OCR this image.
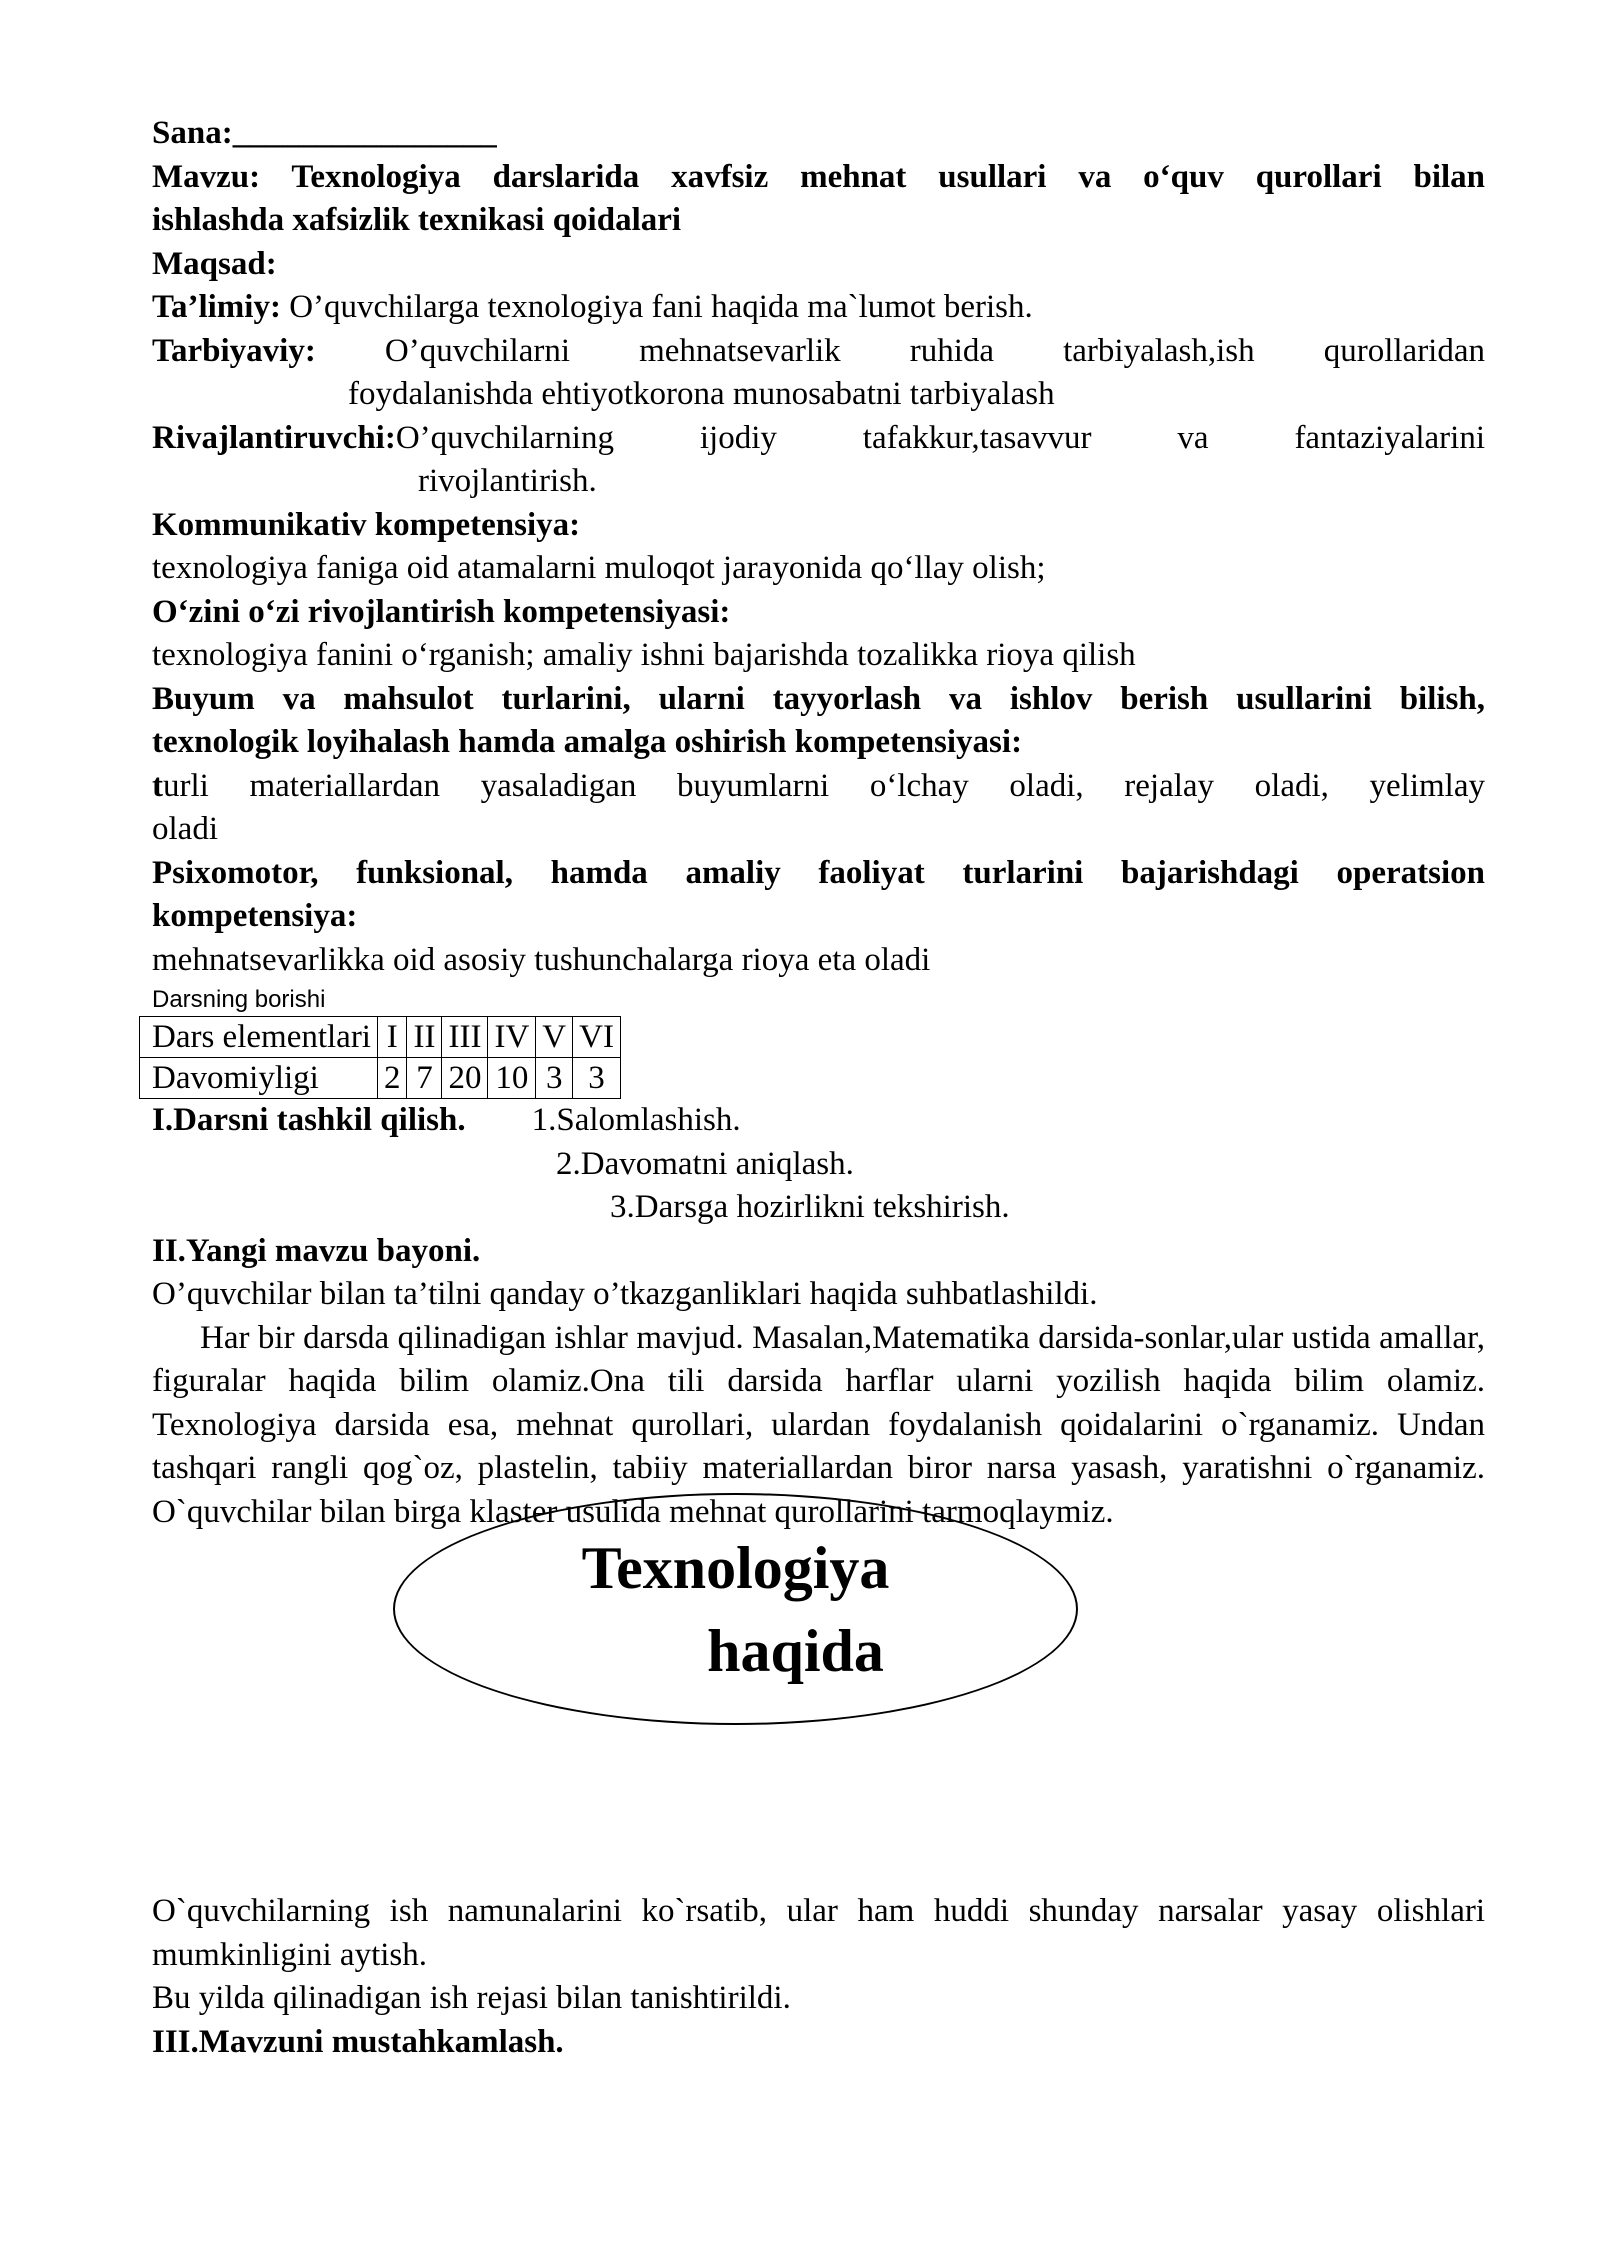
Sana:________________
Mavzu: Texnologiya darslarida xavfsiz mehnat usullari va o‘quv qurollari bilan
ishlashda xafsizlik texnikasi qoidalari
Maqsad:
Ta’limiy: O’quvchilarga texnologiya fani haqida ma`lumot berish.
Tarbiyaviy: O’quvchilarni mehnatsevarlik ruhida tarbiyalash,ish qurollaridan
foydalanishda ehtiyotkorona munosabatni tarbiyalash
Rivajlantiruvchi:O’quvchilarning ijodiy tafakkur,tasavvur va fantaziyalarini
rivojlantirish.
Kommunikativ kompetensiya:
texnologiya faniga oid atamalarni muloqot jarayonida qo‘llay olish;
O‘zini o‘zi rivojlantirish kompetensiyasi:
texnologiya fanini o‘rganish; amaliy ishni bajarishda tozalikka rioya qilish
Buyum va mahsulot turlarini, ularni tayyorlash va ishlov berish usullarini bilish,
texnologik loyihalash hamda amalga oshirish kompetensiyasi:
turli materiallardan yasaladigan buyumlarni o‘lchay oladi, rejalay oladi, yelimlay
oladi
Psixomotor, funksional, hamda amaliy faoliyat turlarini bajarishdagi operatsion
kompetensiya:
mehnatsevarlikka oid asosiy tushunchalarga rioya eta oladi
Darsning borishi
Dars elementlari	I	II	III	IV	V	VI
Davomiyligi	2	7	20	10	3	3
I.Darsni tashkil qilish. 1.Salomlashish.
2.Davomatni aniqlash.
3.Darsga hozirlikni tekshirish.
II.Yangi mavzu bayoni.
O’quvchilar bilan ta’tilni qanday o’tkazganliklari haqida suhbatlashildi.
Har bir darsda qilinadigan ishlar mavjud. Masalan,Matematika darsida-sonlar,ular ustida amallar, figuralar haqida bilim olamiz.Ona tili darsida harflar ularni yozilish haqida bilim olamiz. Texnologiya darsida esa, mehnat qurollari, ulardan foydalanish qoidalarini o`rganamiz. Undan tashqari rangli qog`oz, plastelin, tabiiy materiallardan biror narsa yasash, yaratishni o`rganamiz. O`quvchilar bilan birga klaster usulida mehnat qurollarini tarmoqlaymiz.
Texnologiya
haqida
O`quvchilarning ish namunalarini ko`rsatib, ular ham huddi shunday narsalar yasay olishlari mumkinligini aytish.
Bu yilda qilinadigan ish rejasi bilan tanishtirildi.
III.Mavzuni mustahkamlash.
